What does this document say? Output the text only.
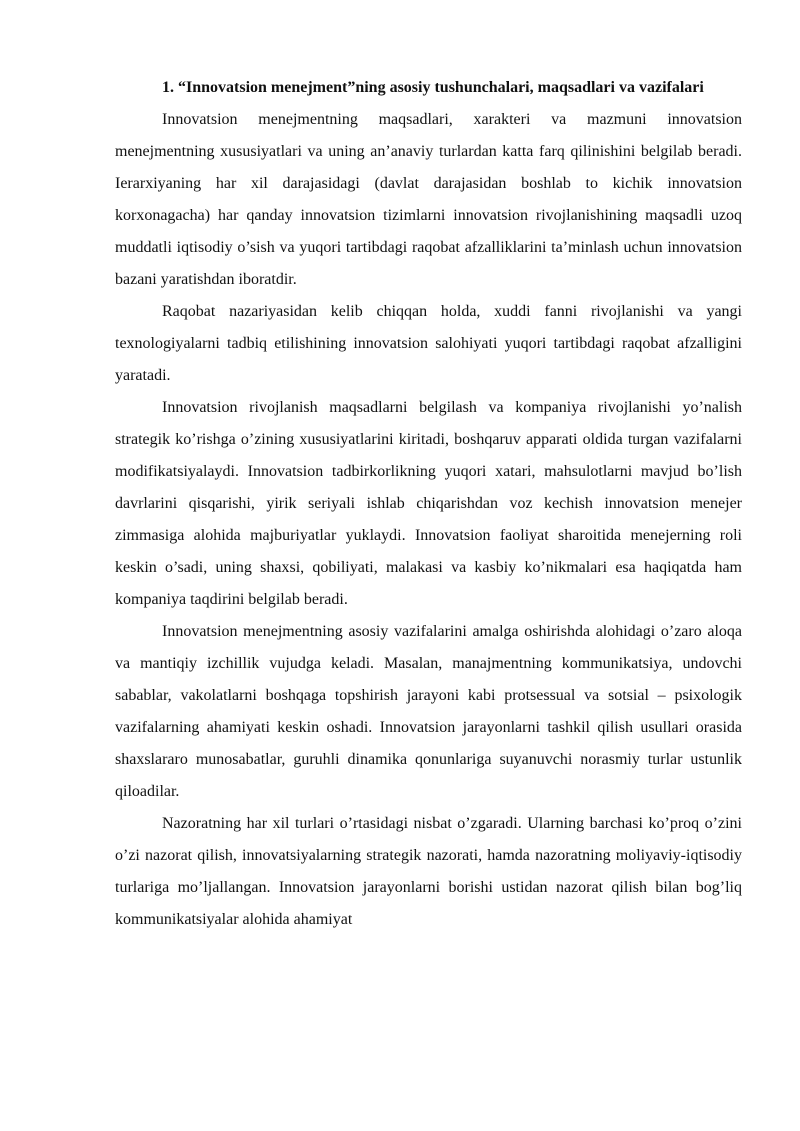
1. “Innovatsion menejment”ning asosiy tushunchalari, maqsadlari va vazifalari

Innovatsion menejmentning maqsadlari, xarakteri va mazmuni innovatsion menejmentning xususiyatlari va uning an’anaviy turlardan katta farq qilinishini belgilab beradi. Ierarxiyaning har xil darajasidagi (davlat darajasidan boshlab to kichik innovatsion korxonagacha) har qanday innovatsion tizimlarni innovatsion rivojlanishining maqsadli uzoq muddatli iqtisodiy o’sish va yuqori tartibdagi raqobat afzalliklarini ta’minlash uchun innovatsion bazani yaratishdan iboratdir.

Raqobat nazariyasidan kelib chiqqan holda, xuddi fanni rivojlanishi va yangi texnologiyalarni tadbiq etilishining innovatsion salohiyati yuqori tartibdagi raqobat afzalligini yaratadi.

Innovatsion rivojlanish maqsadlarni belgilash va kompaniya rivojlanishi yo’nalish strategik ko’rishga o’zining xususiyatlarini kiritadi, boshqaruv apparati oldida turgan vazifalarni modifikatsiyalaydi. Innovatsion tadbirkorlikning yuqori xatari, mahsulotlarni mavjud bo’lish davrlarini qisqarishi, yirik seriyali ishlab chiqarishdan voz kechish innovatsion menejer zimmasiga alohida majburiyatlar yuklaydi. Innovatsion faoliyat sharoitida menejerning roli keskin o’sadi, uning shaxsi, qobiliyati, malakasi va kasbiy ko’nikmalari esa haqiqatda ham kompaniya taqdirini belgilab beradi.

Innovatsion menejmentning asosiy vazifalarini amalga oshirishda alohidagi o’zaro aloqa va mantiqiy izchillik vujudga keladi. Masalan, manajmentning kommunikatsiya, undovchi sabablar, vakolatlarni boshqaga topshirish jarayoni kabi protsessual va sotsial – psixologik vazifalarning ahamiyati keskin oshadi. Innovatsion jarayonlarni tashkil qilish usullari orasida shaxslararo munosabatlar, guruhli dinamika qonunlariga suyanuvchi norasmiy turlar ustunlik qiloadilar.

Nazoratning har xil turlari o’rtasidagi nisbat o’zgaradi. Ularning barchasi ko’proq o’zini o’zi nazorat qilish, innovatsiyalarning strategik nazorati, hamda nazoratning moliyaviy-iqtisodiy turlariga mo’ljallangan. Innovatsion jarayonlarni borishi ustidan nazorat qilish bilan bog’liq kommunikatsiyalar alohida ahamiyat
